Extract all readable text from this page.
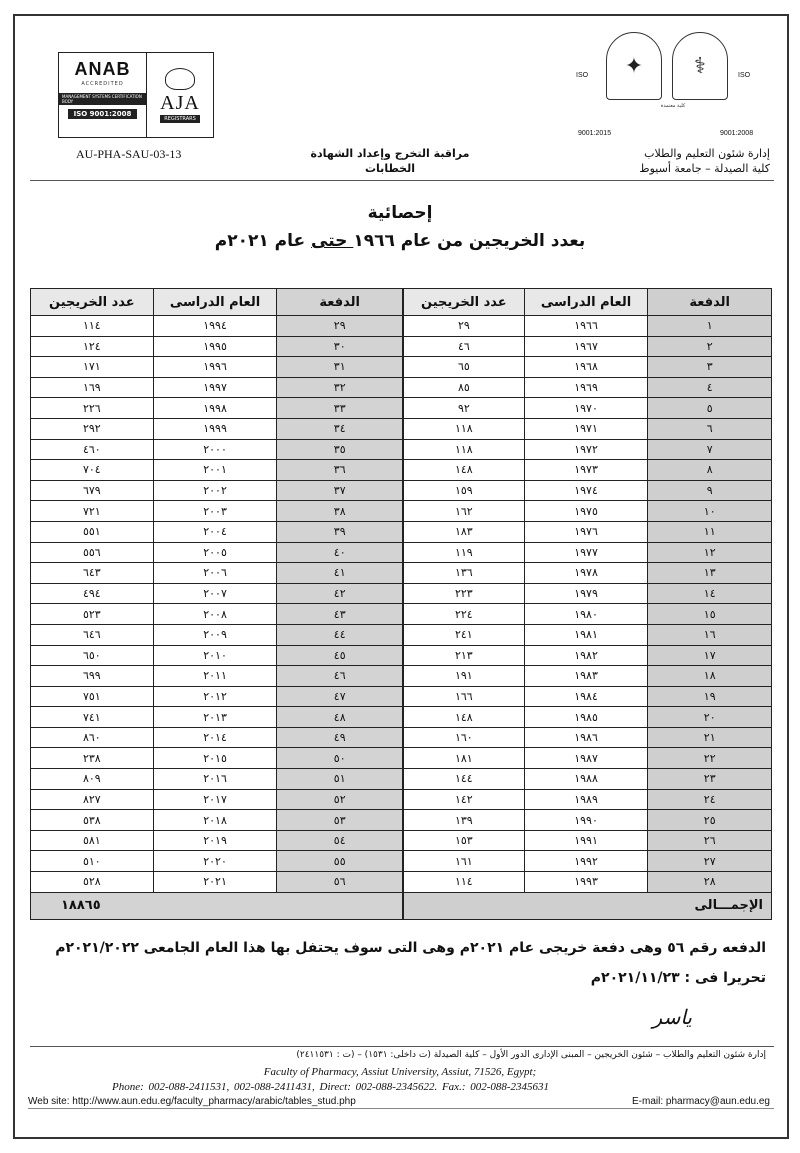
ANAB
ACCREDITED
MANAGEMENT SYSTEMS CERTIFICATION BODY
ISO 9001:2008
AJA
REGISTRARS
⚕
✦
ISO	ISO
كلية معتمدة
9001:2015	9001:2008
AU-PHA-SAU-03-13	مراقبة التخرج وإعداد الشهادة
الخطابات
إدارة شئون التعليم والطلاب
كلية الصيدلة – جامعة أسيوط
إحصائية
بعدد الخريجين من عام ١٩٦٦ حتى عام ٢٠٢١م
الدفعة	العام الدراسى	عدد الخريجين
١	١٩٦٦	٢٩
٢	١٩٦٧	٤٦
٣	١٩٦٨	٦٥
٤	١٩٦٩	٨٥
٥	١٩٧٠	٩٢
٦	١٩٧١	١١٨
٧	١٩٧٢	١١٨
٨	١٩٧٣	١٤٨
٩	١٩٧٤	١٥٩
١٠	١٩٧٥	١٦٢
١١	١٩٧٦	١٨٣
١٢	١٩٧٧	١١٩
١٣	١٩٧٨	١٣٦
١٤	١٩٧٩	٢٢٣
١٥	١٩٨٠	٢٢٤
١٦	١٩٨١	٢٤١
١٧	١٩٨٢	٢١٣
١٨	١٩٨٣	١٩١
١٩	١٩٨٤	١٦٦
٢٠	١٩٨٥	١٤٨
٢١	١٩٨٦	١٦٠
٢٢	١٩٨٧	١٨١
٢٣	١٩٨٨	١٤٤
٢٤	١٩٨٩	١٤٢
٢٥	١٩٩٠	١٣٩
٢٦	١٩٩١	١٥٣
٢٧	١٩٩٢	١٦١
٢٨	١٩٩٣	١١٤
الإجمـــالى		
الدفعة	العام الدراسى	عدد الخريجين
٢٩	١٩٩٤	١١٤
٣٠	١٩٩٥	١٢٤
٣١	١٩٩٦	١٧١
٣٢	١٩٩٧	١٦٩
٣٣	١٩٩٨	٢٢٦
٣٤	١٩٩٩	٢٩٢
٣٥	٢٠٠٠	٤٦٠
٣٦	٢٠٠١	٧٠٤
٣٧	٢٠٠٢	٦٧٩
٣٨	٢٠٠٣	٧٢١
٣٩	٢٠٠٤	٥٥١
٤٠	٢٠٠٥	٥٥٦
٤١	٢٠٠٦	٦٤٣
٤٢	٢٠٠٧	٤٩٤
٤٣	٢٠٠٨	٥٢٣
٤٤	٢٠٠٩	٦٤٦
٤٥	٢٠١٠	٦٥٠
٤٦	٢٠١١	٦٩٩
٤٧	٢٠١٢	٧٥١
٤٨	٢٠١٣	٧٤١
٤٩	٢٠١٤	٨٦٠
٥٠	٢٠١٥	٢٣٨
٥١	٢٠١٦	٨٠٩
٥٢	٢٠١٧	٨٢٧
٥٣	٢٠١٨	٥٣٨
٥٤	٢٠١٩	٥٨١
٥٥	٢٠٢٠	٥١٠
٥٦	٢٠٢١	٥٢٨
١٨٨٦٥		
الدفعه رقم ٥٦ وهى دفعة خريجى عام ٢٠٢١م وهى التى سوف يحتفل بها هذا العام الجامعى ٢٠٢١/٢٠٢٢م
تحريرا فى : ٢٠٢١/١١/٢٣م
ياسر
إدارة شئون التعليم والطلاب – شئون الخريجين – المبنى الإدارى الدور الأول – كلية الصيدلة (ت داخلى: ١٥٣١) – (ت : ٢٤١١٥٣١)
Faculty of Pharmacy, Assiut University, Assiut, 71526, Egypt;
Phone: 002-088-2411531, 002-088-2411431, Direct: 002-088-2345622. Fax.: 002-088-2345631
Web site: http://www.aun.edu.eg/faculty_pharmacy/arabic/tables_stud.php	E-mail: pharmacy@aun.edu.eg
